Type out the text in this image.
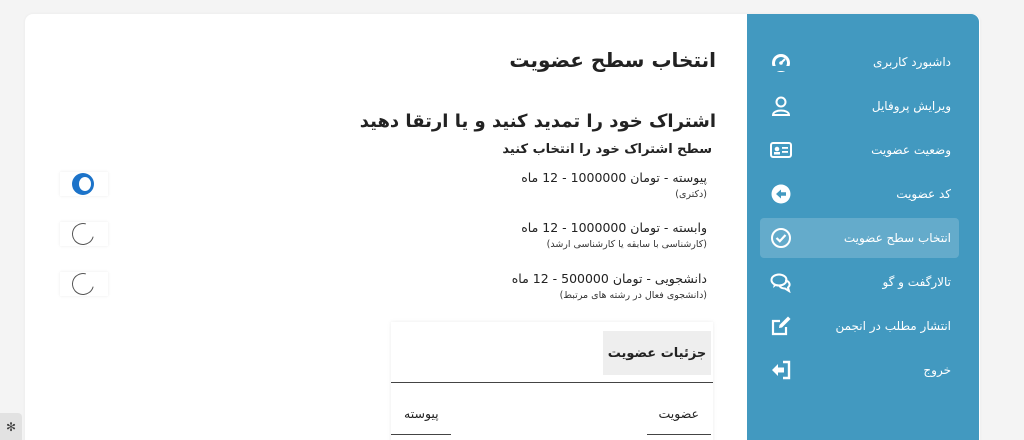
داشبورد کاربری
ویرایش پروفایل
وضعیت عضویت
کد عضویت
انتخاب سطح عضویت
تالارگفت و گو
انتشار مطلب در انجمن
خروج
انتخاب سطح عضویت
اشتراک خود را تمدید کنید و یا ارتقا دهید
سطح اشتراک خود را انتخاب کنید
پیوسته - تومان 1000000 - 12 ماه
(دکتری)
وابسته - تومان 1000000 - 12 ماه
(کارشناسی با سابقه یا کارشناسی ارشد)
دانشجویی - تومان 500000 - 12 ماه
(دانشجوی فعال در رشته های مرتبط)
جزئیات عضویت
عضویت
پیوسته
✻
